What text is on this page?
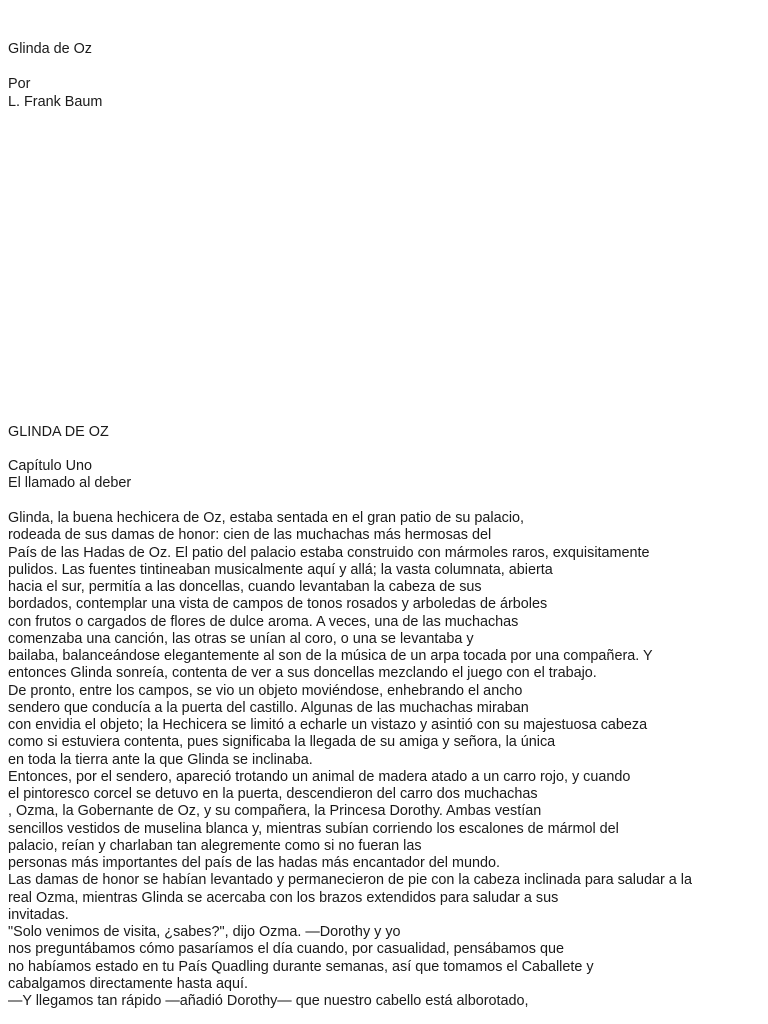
Glinda de Oz
Por
L. Frank Baum
GLINDA DE OZ
Capítulo Uno
El llamado al deber
Glinda, la buena hechicera de Oz, estaba sentada en el gran patio de su palacio,
rodeada de sus damas de honor: cien de las muchachas más hermosas del
País de las Hadas de Oz. El patio del palacio estaba construido con mármoles raros, exquisitamente
pulidos. Las fuentes tintineaban musicalmente aquí y allá; la vasta columnata, abierta
hacia el sur, permitía a las doncellas, cuando levantaban la cabeza de sus
bordados, contemplar una vista de campos de tonos rosados y arboledas de árboles
con frutos o cargados de flores de dulce aroma. A veces, una de las muchachas
comenzaba una canción, las otras se unían al coro, o una se levantaba y
bailaba, balanceándose elegantemente al son de la música de un arpa tocada por una compañera. Y
entonces Glinda sonreía, contenta de ver a sus doncellas mezclando el juego con el trabajo.
De pronto, entre los campos, se vio un objeto moviéndose, enhebrando el ancho
sendero que conducía a la puerta del castillo. Algunas de las muchachas miraban
con envidia el objeto; la Hechicera se limitó a echarle un vistazo y asintió con su majestuosa cabeza
como si estuviera contenta, pues significaba la llegada de su amiga y señora, la única
en toda la tierra ante la que Glinda se inclinaba.
Entonces, por el sendero, apareció trotando un animal de madera atado a un carro rojo, y cuando
el pintoresco corcel se detuvo en la puerta, descendieron del carro dos muchachas
, Ozma, la Gobernante de Oz, y su compañera, la Princesa Dorothy. Ambas vestían
sencillos vestidos de muselina blanca y, mientras subían corriendo los escalones de mármol del
palacio, reían y charlaban tan alegremente como si no fueran las
personas más importantes del país de las hadas más encantador del mundo.
Las damas de honor se habían levantado y permanecieron de pie con la cabeza inclinada para saludar a la
real Ozma, mientras Glinda se acercaba con los brazos extendidos para saludar a sus
invitadas.
"Solo venimos de visita, ¿sabes?", dijo Ozma. —Dorothy y yo
nos preguntábamos cómo pasaríamos el día cuando, por casualidad, pensábamos que
no habíamos estado en tu País Quadling durante semanas, así que tomamos el Caballete y
cabalgamos directamente hasta aquí.
—Y llegamos tan rápido —añadió Dorothy— que nuestro cabello está alborotado,
